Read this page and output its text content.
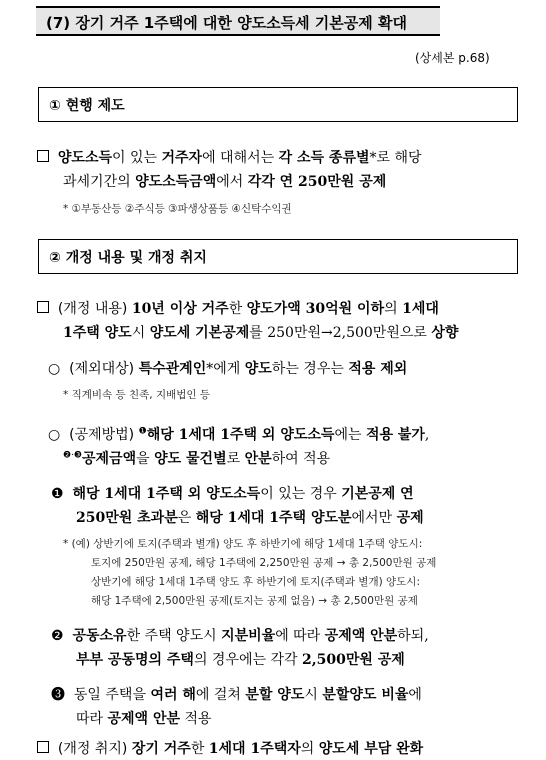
(7) 장기 거주 1주택에 대한 양도소득세 기본공제 확대
(상세본 p.68)
① 현행 제도
양도소득이 있는 거주자에 대해서는 각 소득 종류별*로 해당
과세기간의 양도소득금액에서 각각 연 250만원 공제
* ①부동산등 ②주식등 ③파생상품등 ④신탁수익권
② 개정 내용 및 개정 취지
(개정 내용) 10년 이상 거주한 양도가액 30억원 이하의 1세대
1주택 양도시 양도세 기본공제를 250만원→2,500만원으로 상향
○ (제외대상) 특수관계인*에게 양도하는 경우는 적용 제외
* 직계비속 등 친족, 지배법인 등
○ (공제방법) $^❶$해당 1세대 1주택 외 양도소득에는 적용 불가,
$^{❷\cdot ❸}$공제금액을 양도 물건별로 안분하여 적용
❶ 해당 1세대 1주택 외 양도소득이 있는 경우 기본공제 연
250만원 초과분은 해당 1세대 1주택 양도분에서만 공제
* (예) 상반기에 토지(주택과 별개) 양도 후 하반기에 해당 1세대 1주택 양도시:
토지에 250만원 공제, 해당 1주택에 2,250만원 공제 → 총 2,500만원 공제
상반기에 해당 1세대 1주택 양도 후 하반기에 토지(주택과 별개) 양도시:
해당 1주택에 2,500만원 공제(토지는 공제 없음) → 총 2,500만원 공제
❷ 공동소유한 주택 양도시 지분비율에 따라 공제액 안분하되,
부부 공동명의 주택의 경우에는 각각 2,500만원 공제
❸ 동일 주택을 여러 해에 걸쳐 분할 양도시 분할양도 비율에
따라 공제액 안분 적용
(개정 취지) 장기 거주한 1세대 1주택자의 양도세 부담 완화
